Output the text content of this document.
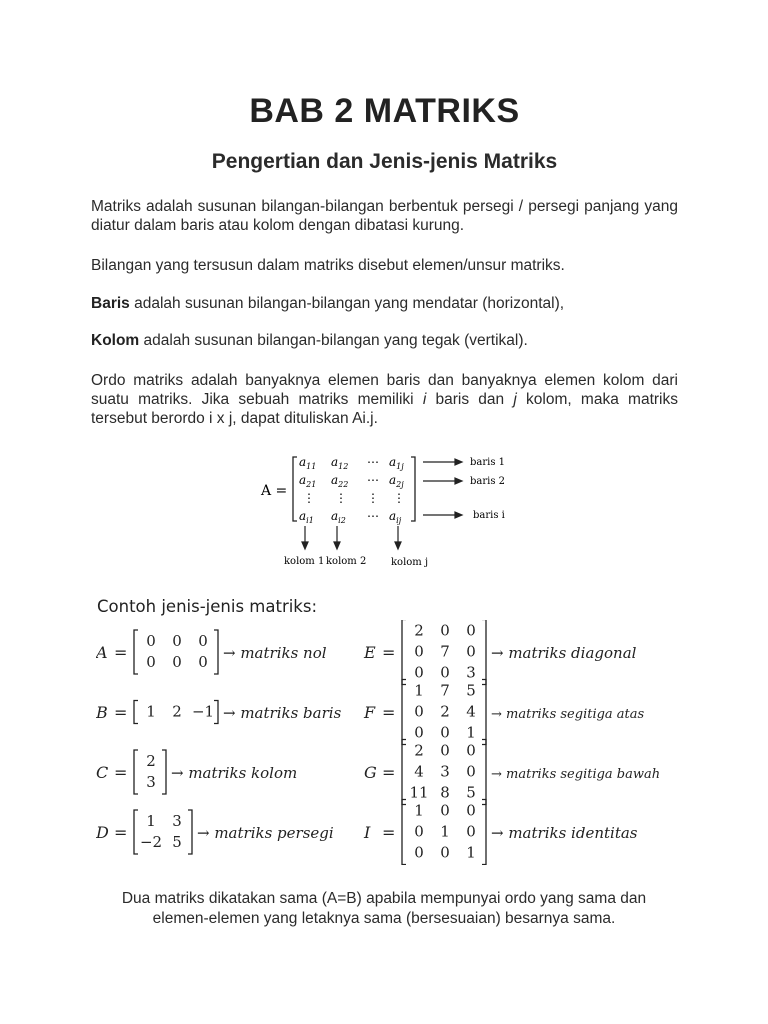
BAB 2 MATRIKS
Pengertian dan Jenis-jenis Matriks
Matriks adalah susunan bilangan-bilangan berbentuk persegi / persegi panjang yang diatur dalam baris atau kolom dengan dibatasi kurung.
Bilangan yang tersusun dalam matriks disebut elemen/unsur matriks.
Baris adalah susunan bilangan-bilangan yang mendatar (horizontal),
Kolom adalah susunan bilangan-bilangan yang tegak (vertikal).
Ordo matriks adalah banyaknya elemen baris dan banyaknya elemen kolom dari suatu matriks. Jika sebuah matriks memiliki i baris dan j kolom, maka matriks tersebut berordo i x j, dapat dituliskan Ai.j.
A =
$a_{11}$ $a_{12}$ ⋯ $a_{1j}$
$a_{21}$ $a_{22}$ ⋯ $a_{2j}$
⋮ ⋮ ⋮ ⋮
$a_{i1}$ $a_{i2}$ ⋯ $a_{ij}$
baris 1
baris 2
baris i
kolom 1 kolom 2 kolom j
Contoh jenis-jenis matriks:
A =
0 0 0
0 0 0 → matriks nol E =
2 0 0
0 7 0
0 0 3
→ matriks diagonal
B = 1 2 −1 → matriks baris F =
1 7 5
0 2 4
0 0 1
→ matriks segitiga atas
C =
2
3 → matriks kolom	G =
2 0 0
4 3 0
11 8 5
→ matriks segitiga bawah
D =
1 3
−2 5 → matriks persegi I =
1 0 0
0 1 0
0 0 1
→ matriks identitas
Dua matriks dikatakan sama (A=B) apabila mempunyai ordo yang sama dan
elemen-elemen yang letaknya sama (bersesuaian) besarnya sama.
